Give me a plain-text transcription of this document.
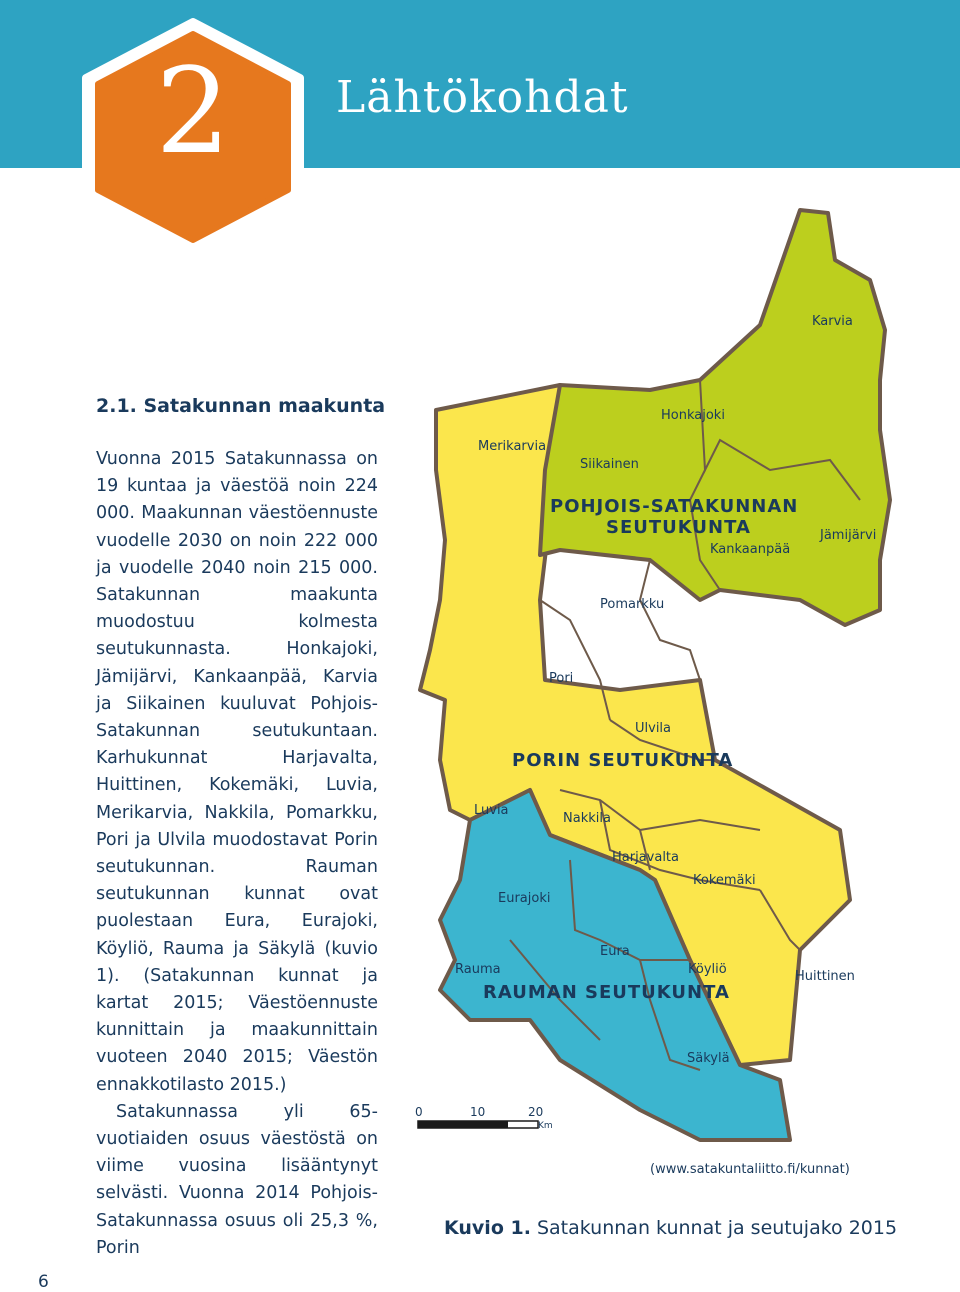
2	Lähtökohdat
2.1. Satakunnan maakunta

Vuonna 2015 Satakunnassa on 19 kuntaa ja väestöä noin 224 000. Maakunnan väestöennuste vuodelle 2030 on noin 222 000 ja vuodelle 2040 noin 215 000. Satakunnan maakunta muodostuu kolmesta seutukunnasta. Honkajoki, Jämijärvi, Kankaanpää, Karvia ja Siikainen kuuluvat Pohjois-Satakunnan seutukuntaan. Karhukunnat Harjavalta, Huittinen, Kokemäki, Luvia, Merikarvia, Nakkila, Pomarkku, Pori ja Ulvila muodostavat Porin seutukunnan. Rauman seutukunnan kunnat ovat puolestaan Eura, Eurajoki, Köyliö, Rauma ja Säkylä (kuvio 1). (Satakunnan kunnat ja kartat 2015; Väestöennuste kunnittain ja maakunnittain vuoteen 2040 2015; Väestön ennakkotilasto 2015.)

Satakunnassa yli 65-vuotiaiden osuus väestöstä on viime vuosina lisääntynyt selvästi. Vuonna 2014 Pohjois-Satakunnassa osuus oli 25,3 %, Porin

POHJOIS-SATAKUNNAN
SEUTUKUNTA
PORIN SEUTUKUNTA
RAUMAN SEUTUKUNTA
Karvia
Honkajoki
Merikarvia
Siikainen
Jämijärvi
Kankaanpää
Pomarkku
Pori
Ulvila
Luvia
Nakkila
Harjavalta
Kokemäki
Eurajoki
Eura
Rauma	Köyliö	Huittinen
Säkylä
0	10	20
Km
(www.satakuntaliitto.fi/kunnat)
Kuvio 1. Satakunnan kunnat ja seutujako 2015
6
